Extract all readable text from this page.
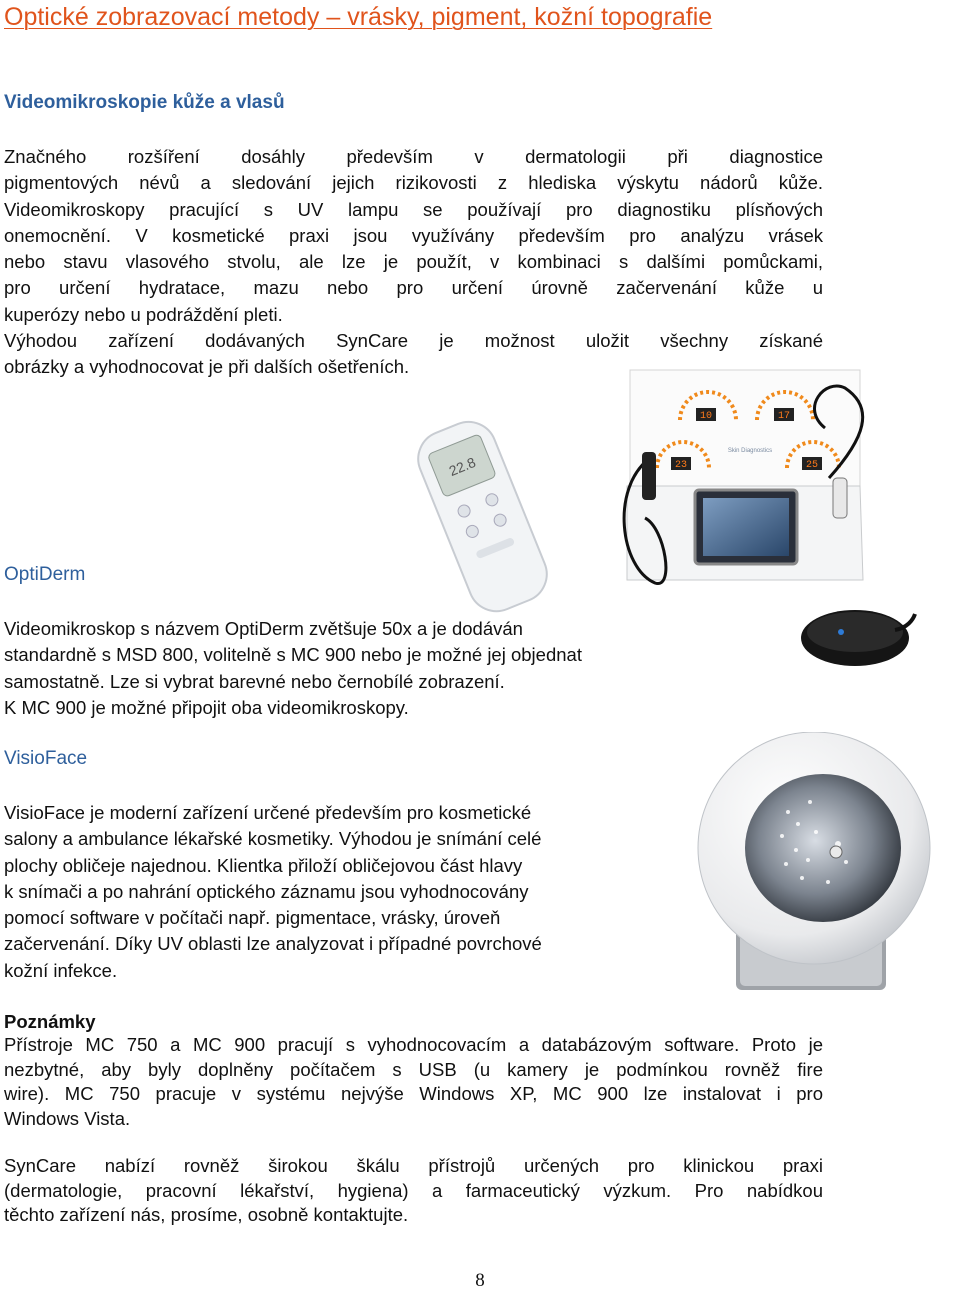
Optické zobrazovací metody – vrásky, pigment, kožní topografie
Videomikroskopie kůže a vlasů
Značného rozšíření dosáhly především v dermatologii při diagnostice
pigmentových névů a sledování jejich rizikovosti z hlediska výskytu nádorů kůže.
Videomikroskopy pracující s UV lampu se používají pro diagnostiku plísňových
onemocnění. V kosmetické praxi jsou využívány především pro analýzu vrásek
nebo stavu vlasového stvolu, ale lze je použít, v kombinaci s dalšími pomůckami,
pro určení hydratace, mazu nebo pro určení úrovně začervenání kůže u
kuperózy nebo u podráždění pleti.
Výhodou zařízení dodávaných SynCare je možnost uložit všechny získané
obrázky a vyhodnocovat je při dalších ošetřeních.
22.8
10	17
23	25
Skin Diagnostics
OptiDerm
Videomikroskop s názvem OptiDerm zvětšuje 50x a je dodáván
standardně s MSD 800, volitelně s MC 900 nebo je možné jej objednat
samostatně. Lze si vybrat barevné nebo černobílé zobrazení.
K MC 900 je možné připojit oba videomikroskopy.
VisioFace
VisioFace je moderní zařízení určené především pro kosmetické
salony a ambulance lékařské kosmetiky. Výhodou je snímání celé
plochy obličeje najednou. Klientka přiloží obličejovou část hlavy
k snímači a po nahrání optického záznamu jsou vyhodnocovány
pomocí software v počítači např. pigmentace, vrásky, úroveň
začervenání. Díky UV oblasti lze analyzovat i případné povrchové
kožní infekce.
Poznámky
Přístroje MC 750 a MC 900 pracují s vyhodnocovacím a databázovým software. Proto je
nezbytné, aby byly doplněny počítačem s USB (u kamery je podmínkou rovněž fire
wire). MC 750 pracuje v systému nejvýše Windows XP, MC 900 lze instalovat i pro
Windows Vista.
SynCare nabízí rovněž širokou škálu přístrojů určených pro klinickou praxi
(dermatologie, pracovní lékařství, hygiena) a farmaceutický výzkum. Pro nabídkou
těchto zařízení nás, prosíme, osobně kontaktujte.
8
